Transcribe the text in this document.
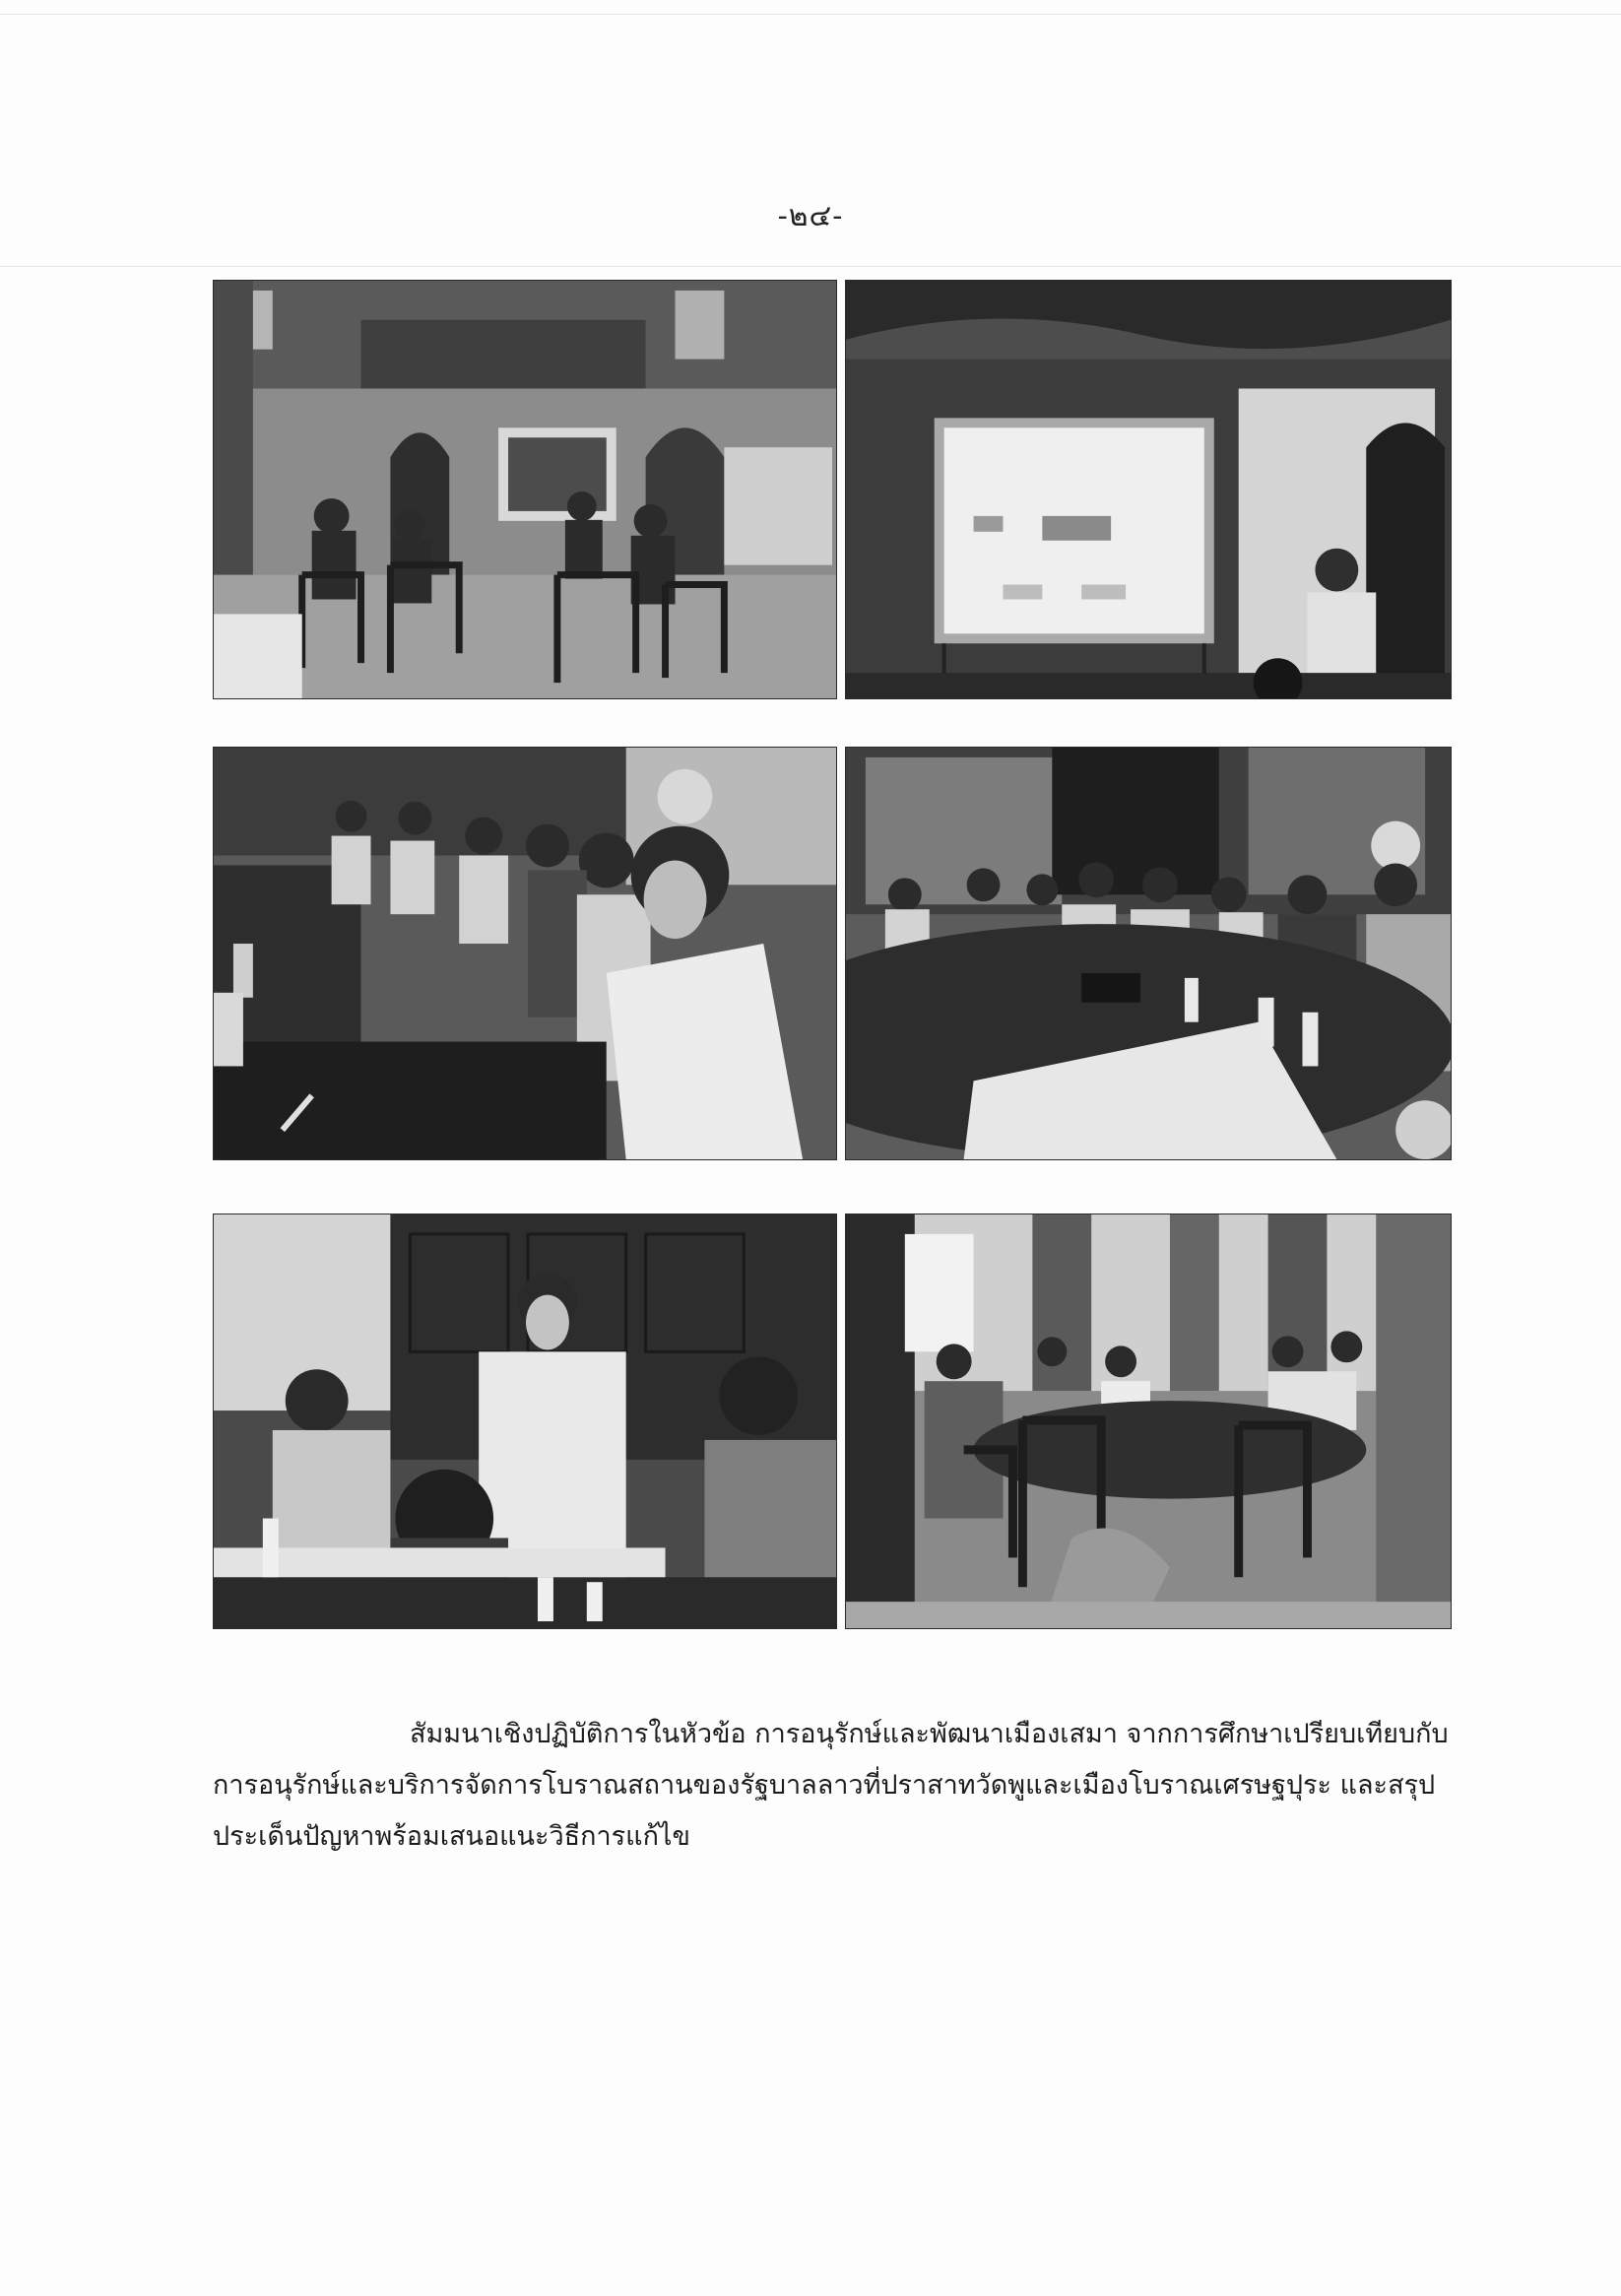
-๒๔-
สัมมนาเชิงปฏิบัติการในหัวข้อ การอนุรักษ์และพัฒนาเมืองเสมา จากการศึกษาเปรียบเทียบกับ
การอนุรักษ์และบริการจัดการโบราณสถานของรัฐบาลลาวที่ปราสาทวัดพูและเมืองโบราณเศรษฐปุระ และสรุป
ประเด็นปัญหาพร้อมเสนอแนะวิธีการแก้ไข
